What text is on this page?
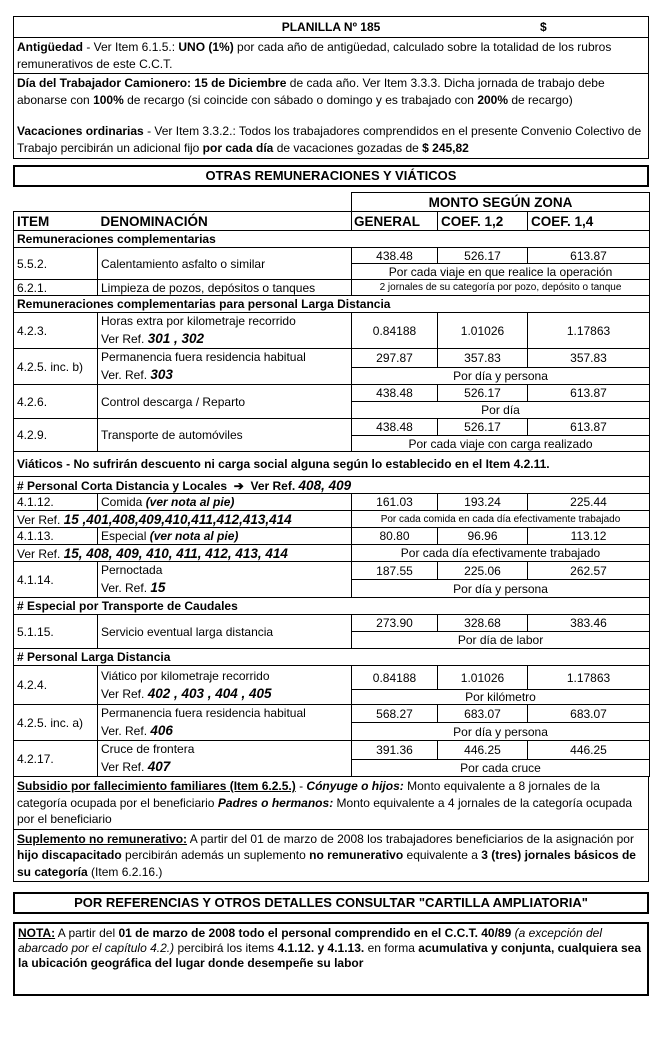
PLANILLA Nº 185	$
Antigüedad - Ver Item 6.1.5.: UNO (1%) por cada año de antigüedad, calculado sobre la totalidad de los rubros remunerativos de este C.C.T.
Día del Trabajador Camionero: 15 de Diciembre de cada año. Ver Item 3.3.3. Dicha jornada de trabajo debe abonarse con 100% de recargo (si coincide con sábado o domingo y es trabajado con 200% de recargo)
Vacaciones ordinarias - Ver Item 3.3.2.: Todos los trabajadores comprendidos en el presente Convenio Colectivo de Trabajo percibirán un adicional fijo por cada día de vacaciones gozadas de $ 245,82
OTRAS REMUNERACIONES Y VIÁTICOS
		MONTO SEGÚN ZONA		
ITEM	DENOMINACIÓN	GENERAL	COEF. 1,2	COEF. 1,4
Remuneraciones complementarias				
5.5.2.	Calentamiento asfalto o similar	438.48	526.17	613.87
		Por cada viaje en que realice la operación		
6.2.1.	Limpieza de pozos, depósitos o tanques	2 jornales de su categoría por pozo, depósito o tanque		
Remuneraciones complementarias para personal Larga Distancia				
4.2.3.	Horas extra por kilometraje recorrido
Ver Ref. 301 , 302	0.84188	1.01026	1.17863
4.2.5. inc. b)	Permanencia fuera residencia habitual
Ver. Ref. 303	297.87	357.83	357.83
		Por día y persona		
4.2.6.	Control descarga / Reparto	438.48	526.17	613.87
		Por día		
4.2.9.	Transporte de automóviles	438.48	526.17	613.87
		Por cada viaje con carga realizado		
Viáticos - No sufrirán descuento ni carga social alguna según lo establecido en el Item 4.2.11.				
# Personal Corta Distancia y Locales ➔ Ver Ref. 408, 409				
4.1.12.	Comida (ver nota al pie)	161.03	193.24	225.44
Ver Ref. 15 ,401,408,409,410,411,412,413,414		Por cada comida en cada día efectivamente trabajado		
4.1.13.	Especial (ver nota al pie)	80.80	96.96	113.12
Ver Ref. 15, 408, 409, 410, 411, 412, 413, 414		Por cada día efectivamente trabajado		
4.1.14.	Pernoctada
Ver. Ref. 15	187.55	225.06	262.57
		Por día y persona		
# Especial por Transporte de Caudales				
5.1.15.	Servicio eventual larga distancia	273.90	328.68	383.46
		Por día de labor		
# Personal Larga Distancia				
4.2.4.	Viático por kilometraje recorrido
Ver Ref. 402 , 403 , 404 , 405	0.84188	1.01026	1.17863
		Por kilómetro		
4.2.5. inc. a)	Permanencia fuera residencia habitual
Ver. Ref. 406	568.27	683.07	683.07
		Por día y persona		
4.2.17.	Cruce de frontera
Ver Ref. 407	391.36	446.25	446.25
		Por cada cruce		
Subsidio por fallecimiento familiares (Item 6.2.5.) - Cónyuge o hijos: Monto equivalente a 8 jornales de la categoría ocupada por el beneficiario Padres o hermanos: Monto equivalente a 4 jornales de la categoría ocupada por el beneficiario
Suplemento no remunerativo: A partir del 01 de marzo de 2008 los trabajadores beneficiarios de la asignación por hijo discapacitado percibirán además un suplemento no remunerativo equivalente a 3 (tres) jornales básicos de su categoría (Item 6.2.16.)
POR REFERENCIAS Y OTROS DETALLES CONSULTAR "CARTILLA AMPLIATORIA"
NOTA: A partir del 01 de marzo de 2008 todo el personal comprendido en el C.C.T. 40/89 (a excepción del abarcado por el capítulo 4.2.) percibirá los items 4.1.12. y 4.1.13. en forma acumulativa y conjunta, cualquiera sea la ubicación geográfica del lugar donde desempeñe su labor
